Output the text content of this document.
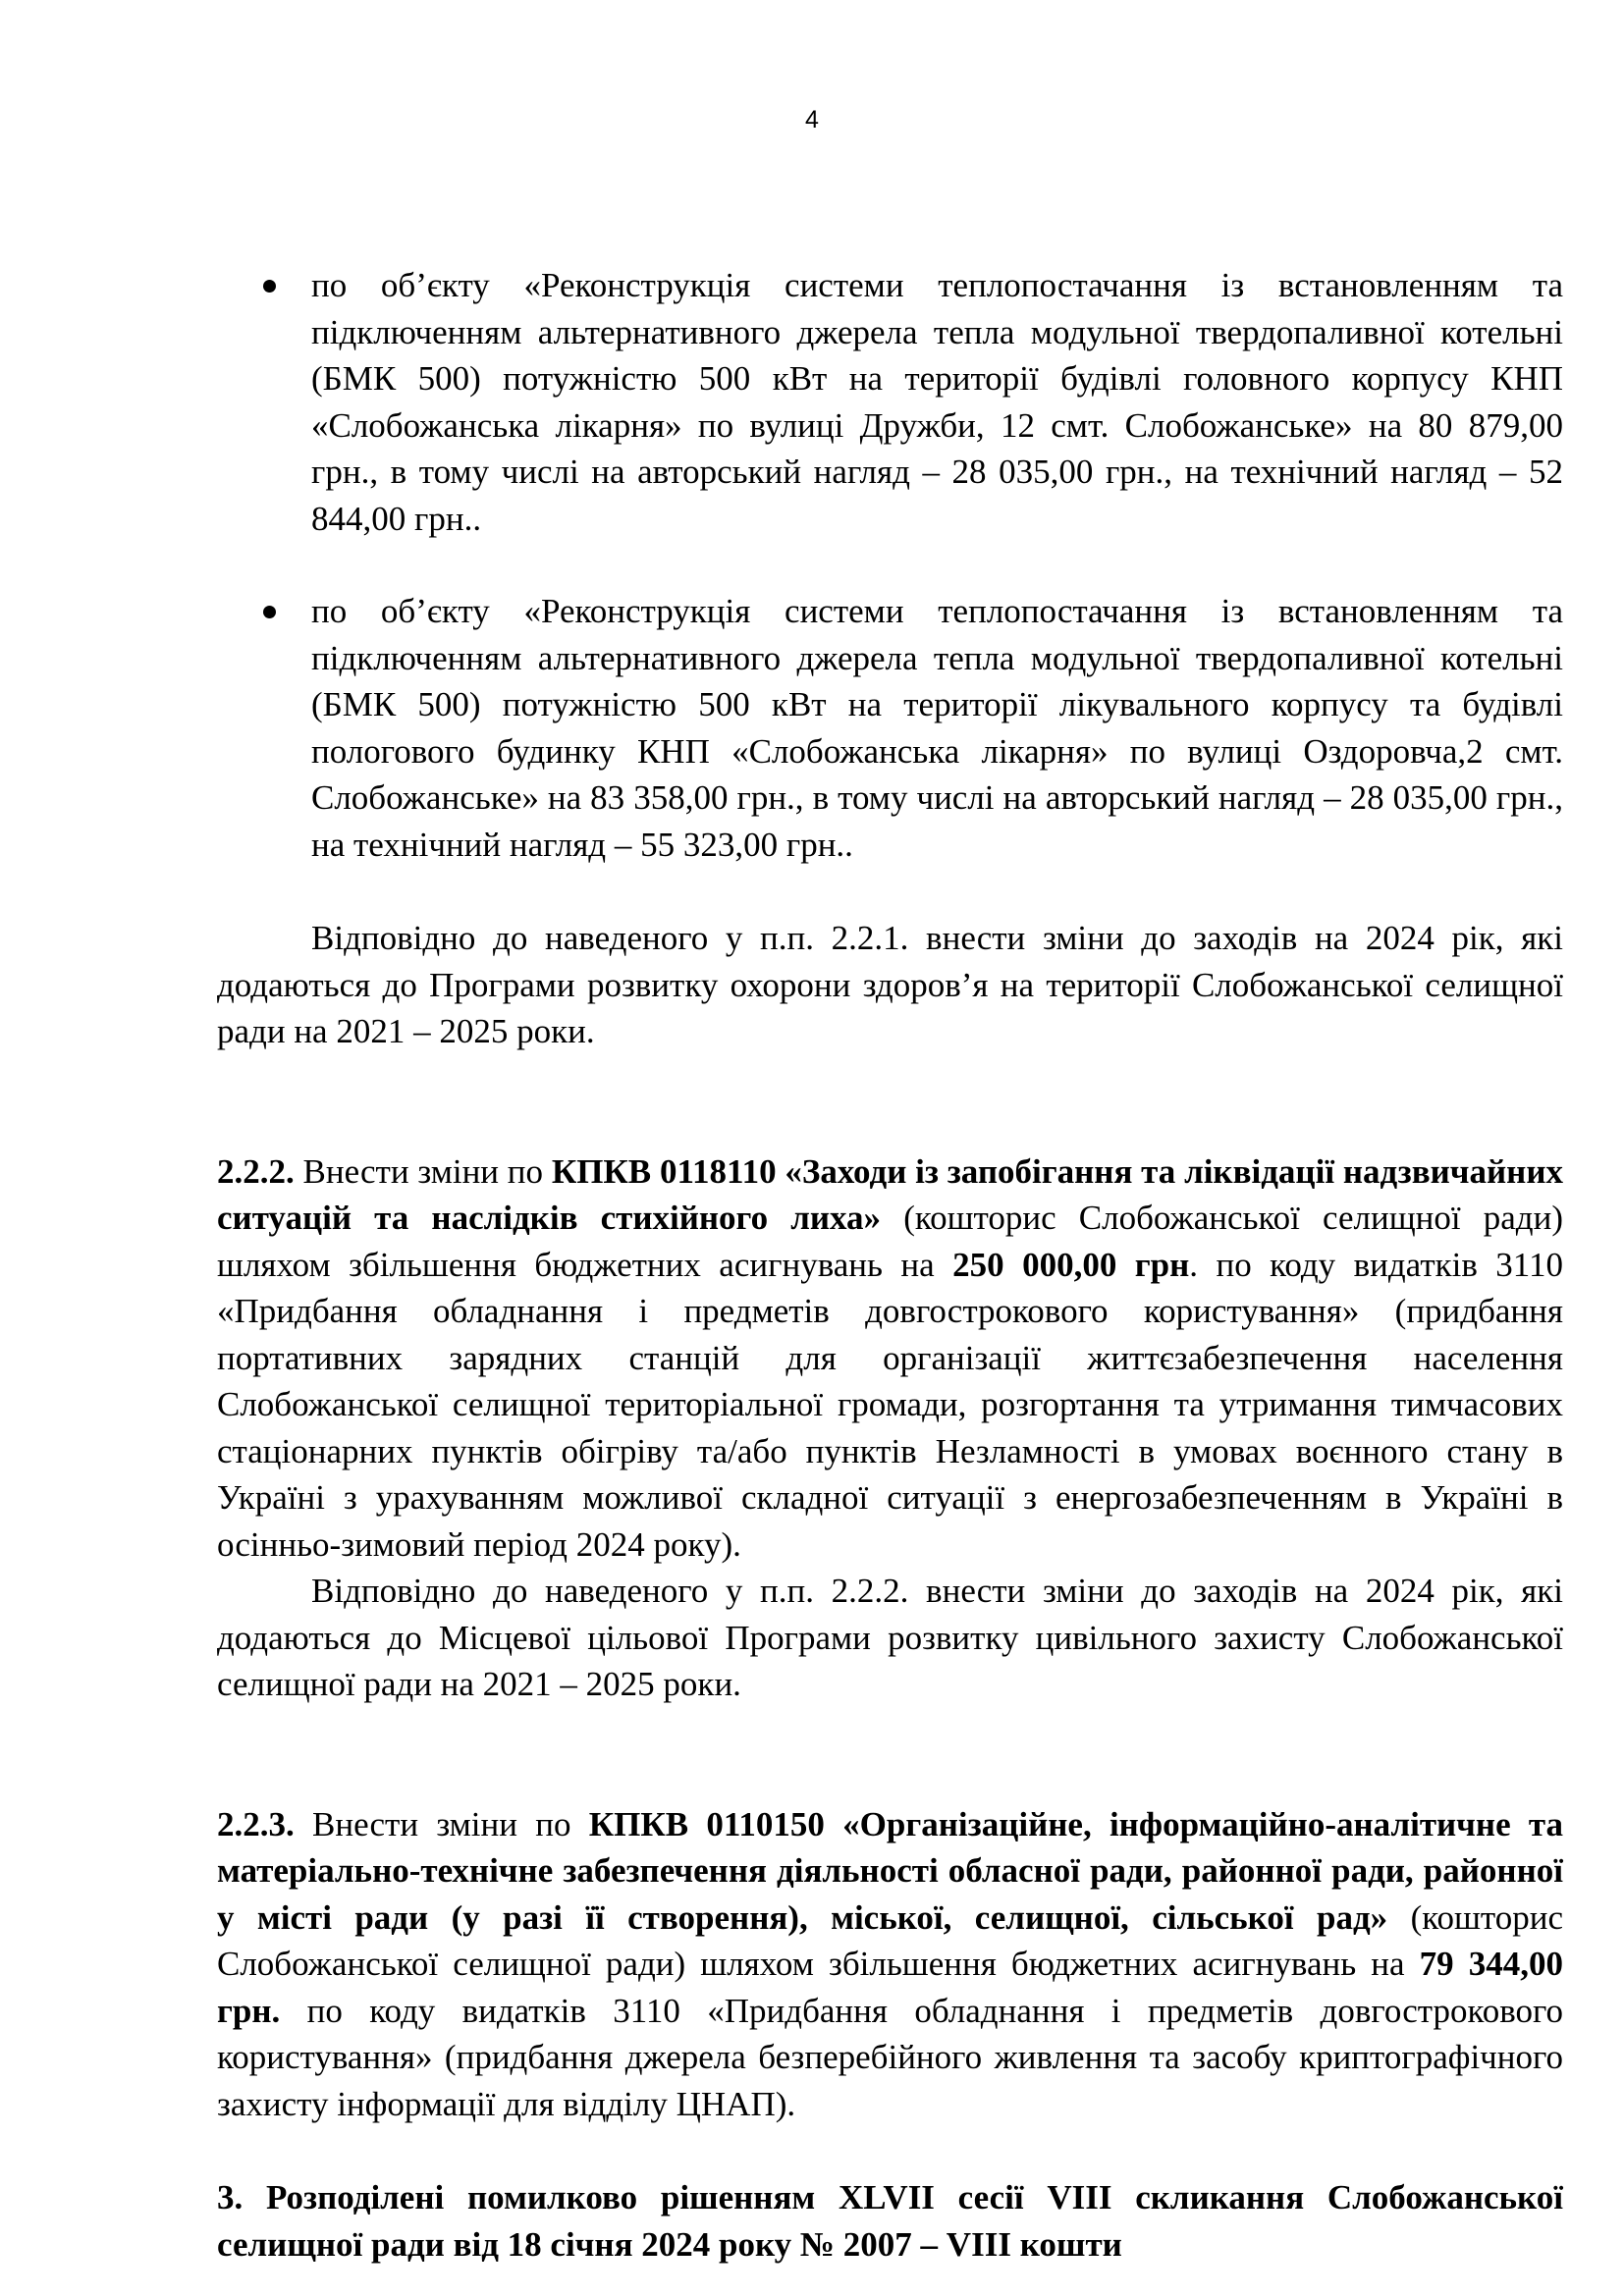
4
по об’єкту «Реконструкція системи теплопостачання із встановленням та підключенням альтернативного джерела тепла модульної твердопаливної котельні (БМК 500) потужністю 500 кВт на території будівлі головного корпусу КНП «Слобожанська лікарня» по вулиці Дружби, 12 смт. Слобожанське» на 80 879,00 грн., в тому числі на авторський нагляд – 28 035,00 грн., на технічний нагляд – 52 844,00 грн..
по об’єкту «Реконструкція системи теплопостачання із встановленням та підключенням альтернативного джерела тепла модульної твердопаливної котельні (БМК 500) потужністю 500 кВт на території лікувального корпусу та будівлі пологового будинку КНП «Слобожанська лікарня» по вулиці Оздоровча,2 смт. Слобожанське» на 83 358,00 грн., в тому числі на авторський нагляд – 28 035,00 грн., на технічний нагляд – 55 323,00 грн..

Відповідно до наведеного у п.п. 2.2.1. внести зміни до заходів на 2024 рік, які додаються до Програми розвитку охорони здоров’я на території Слобожанської селищної ради на 2021 – 2025 роки.

2.2.2. Внести зміни по КПКВ 0118110 «Заходи із запобігання та ліквідації надзвичайних ситуацій та наслідків стихійного лиха» (кошторис Слобожанської селищної ради) шляхом збільшення бюджетних асигнувань на 250 000,00 грн. по коду видатків 3110 «Придбання обладнання і предметів довгострокового користування» (придбання портативних зарядних станцій для організації життєзабезпечення населення Слобожанської селищної територіальної громади, розгортання та утримання тимчасових стаціонарних пунктів обігріву та/або пунктів Незламності в умовах воєнного стану в Україні з урахуванням можливої складної ситуації з енергозабезпеченням в Україні в осінньо-зимовий період 2024 року).

Відповідно до наведеного у п.п. 2.2.2. внести зміни до заходів на 2024 рік, які додаються до Місцевої цільової Програми розвитку цивільного захисту Слобожанської селищної ради на 2021 – 2025 роки.

2.2.3. Внести зміни по КПКВ 0110150 «Організаційне, інформаційно-аналітичне та матеріально-технічне забезпечення діяльності обласної ради, районної ради, районної у місті ради (у разі її створення), міської, селищної, сільської рад» (кошторис Слобожанської селищної ради) шляхом збільшення бюджетних асигнувань на 79 344,00 грн. по коду видатків 3110 «Придбання обладнання і предметів довгострокового користування» (придбання джерела безперебійного живлення та засобу криптографічного захисту інформації для відділу ЦНАП).

3. Розподілені помилково рішенням XLVII сесії VIII скликання Слобожанської селищної ради від 18 січня 2024 року № 2007 – VIII кошти
